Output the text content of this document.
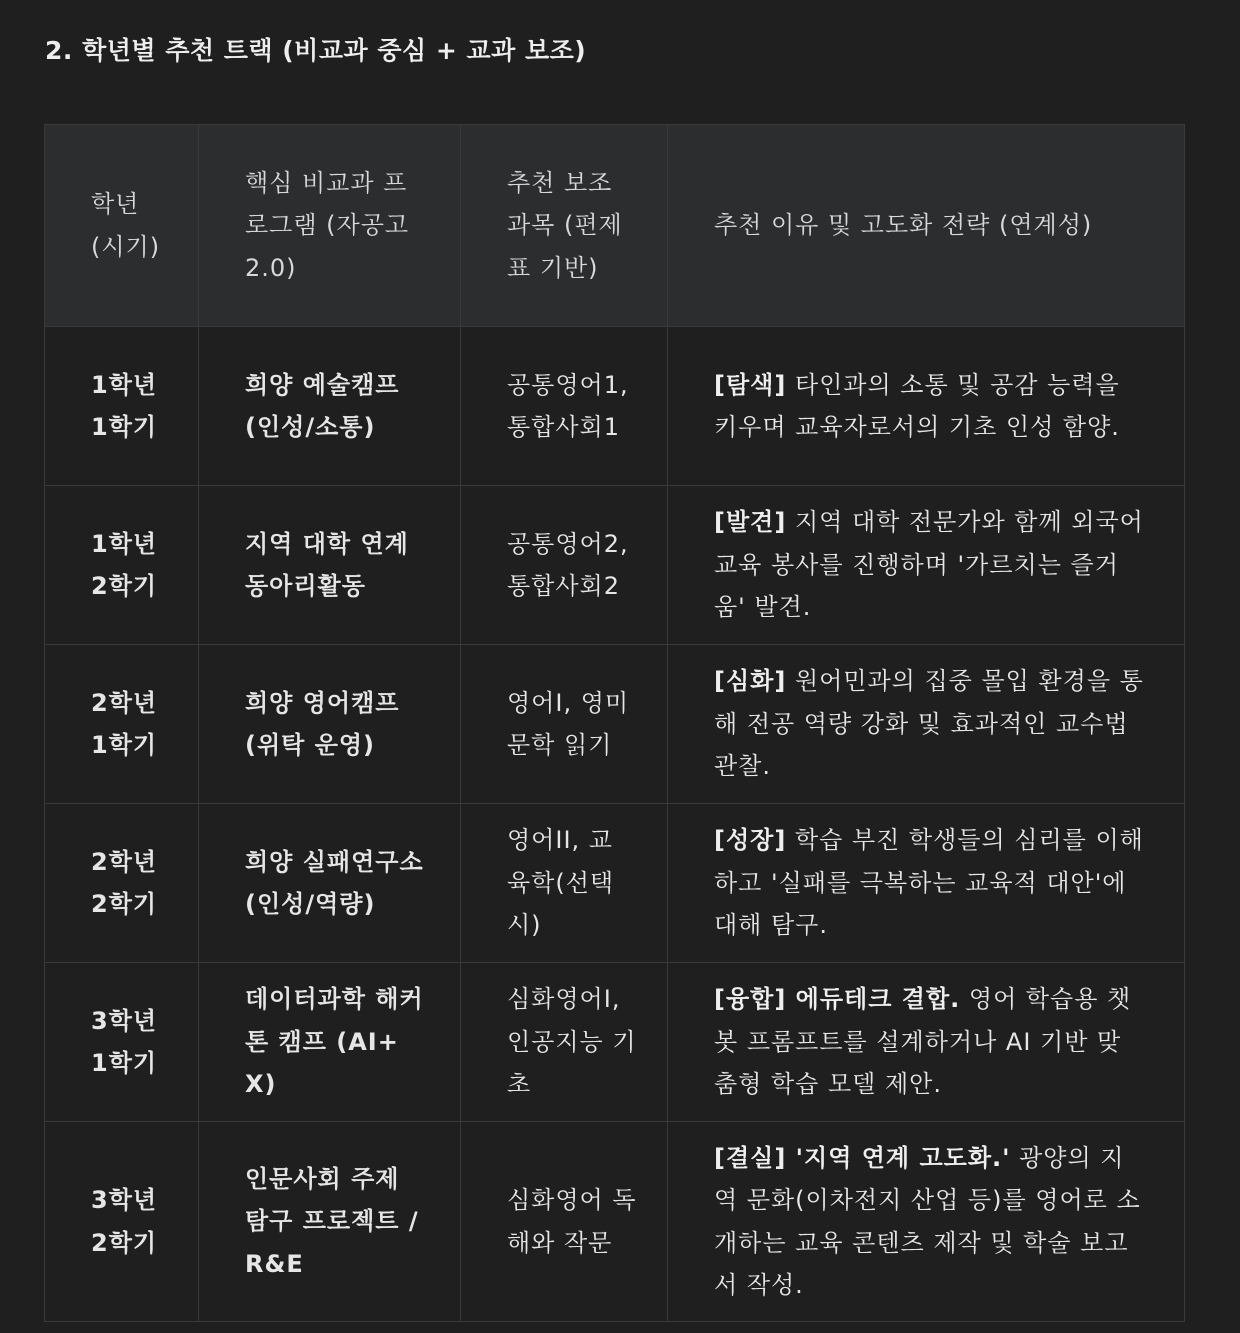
2. 학년별 추천 트랙 (비교과 중심 + 교과 보조)
학년 (시기)	핵심 비교과 프로그램 (자공고 2.0)	추천 보조 과목 (편제표 기반)	추천 이유 및 고도화 전략 (연계성)
1학년 1학기	희양 예술캠프 (인성/소통)	공통영어1, 통합사회1	[탐색] 타인과의 소통 및 공감 능력을 키우며 교육자로서의 기초 인성 함양.
1학년 2학기	지역 대학 연계 동아리활동	공통영어2, 통합사회2	[발견] 지역 대학 전문가와 함께 외국어 교육 봉사를 진행하며 '가르치는 즐거움' 발견.
2학년 1학기	희양 영어캠프 (위탁 운영)	영어I, 영미 문학 읽기	[심화] 원어민과의 집중 몰입 환경을 통해 전공 역량 강화 및 효과적인 교수법 관찰.
2학년 2학기	희양 실패연구소 (인성/역량)	영어II, 교육학(선택 시)	[성장] 학습 부진 학생들의 심리를 이해하고 '실패를 극복하는 교육적 대안'에 대해 탐구.
3학년 1학기	데이터과학 해커톤 캠프 (AI+X)	심화영어I, 인공지능 기초	[융합] 에듀테크 결합. 영어 학습용 챗봇 프롬프트를 설계하거나 AI 기반 맞춤형 학습 모델 제안.
3학년 2학기	인문사회 주제 탐구 프로젝트 / R&E	심화영어 독해와 작문	[결실] '지역 연계 고도화.' 광양의 지역 문화(이차전지 산업 등)를 영어로 소개하는 교육 콘텐츠 제작 및 학술 보고서 작성.
